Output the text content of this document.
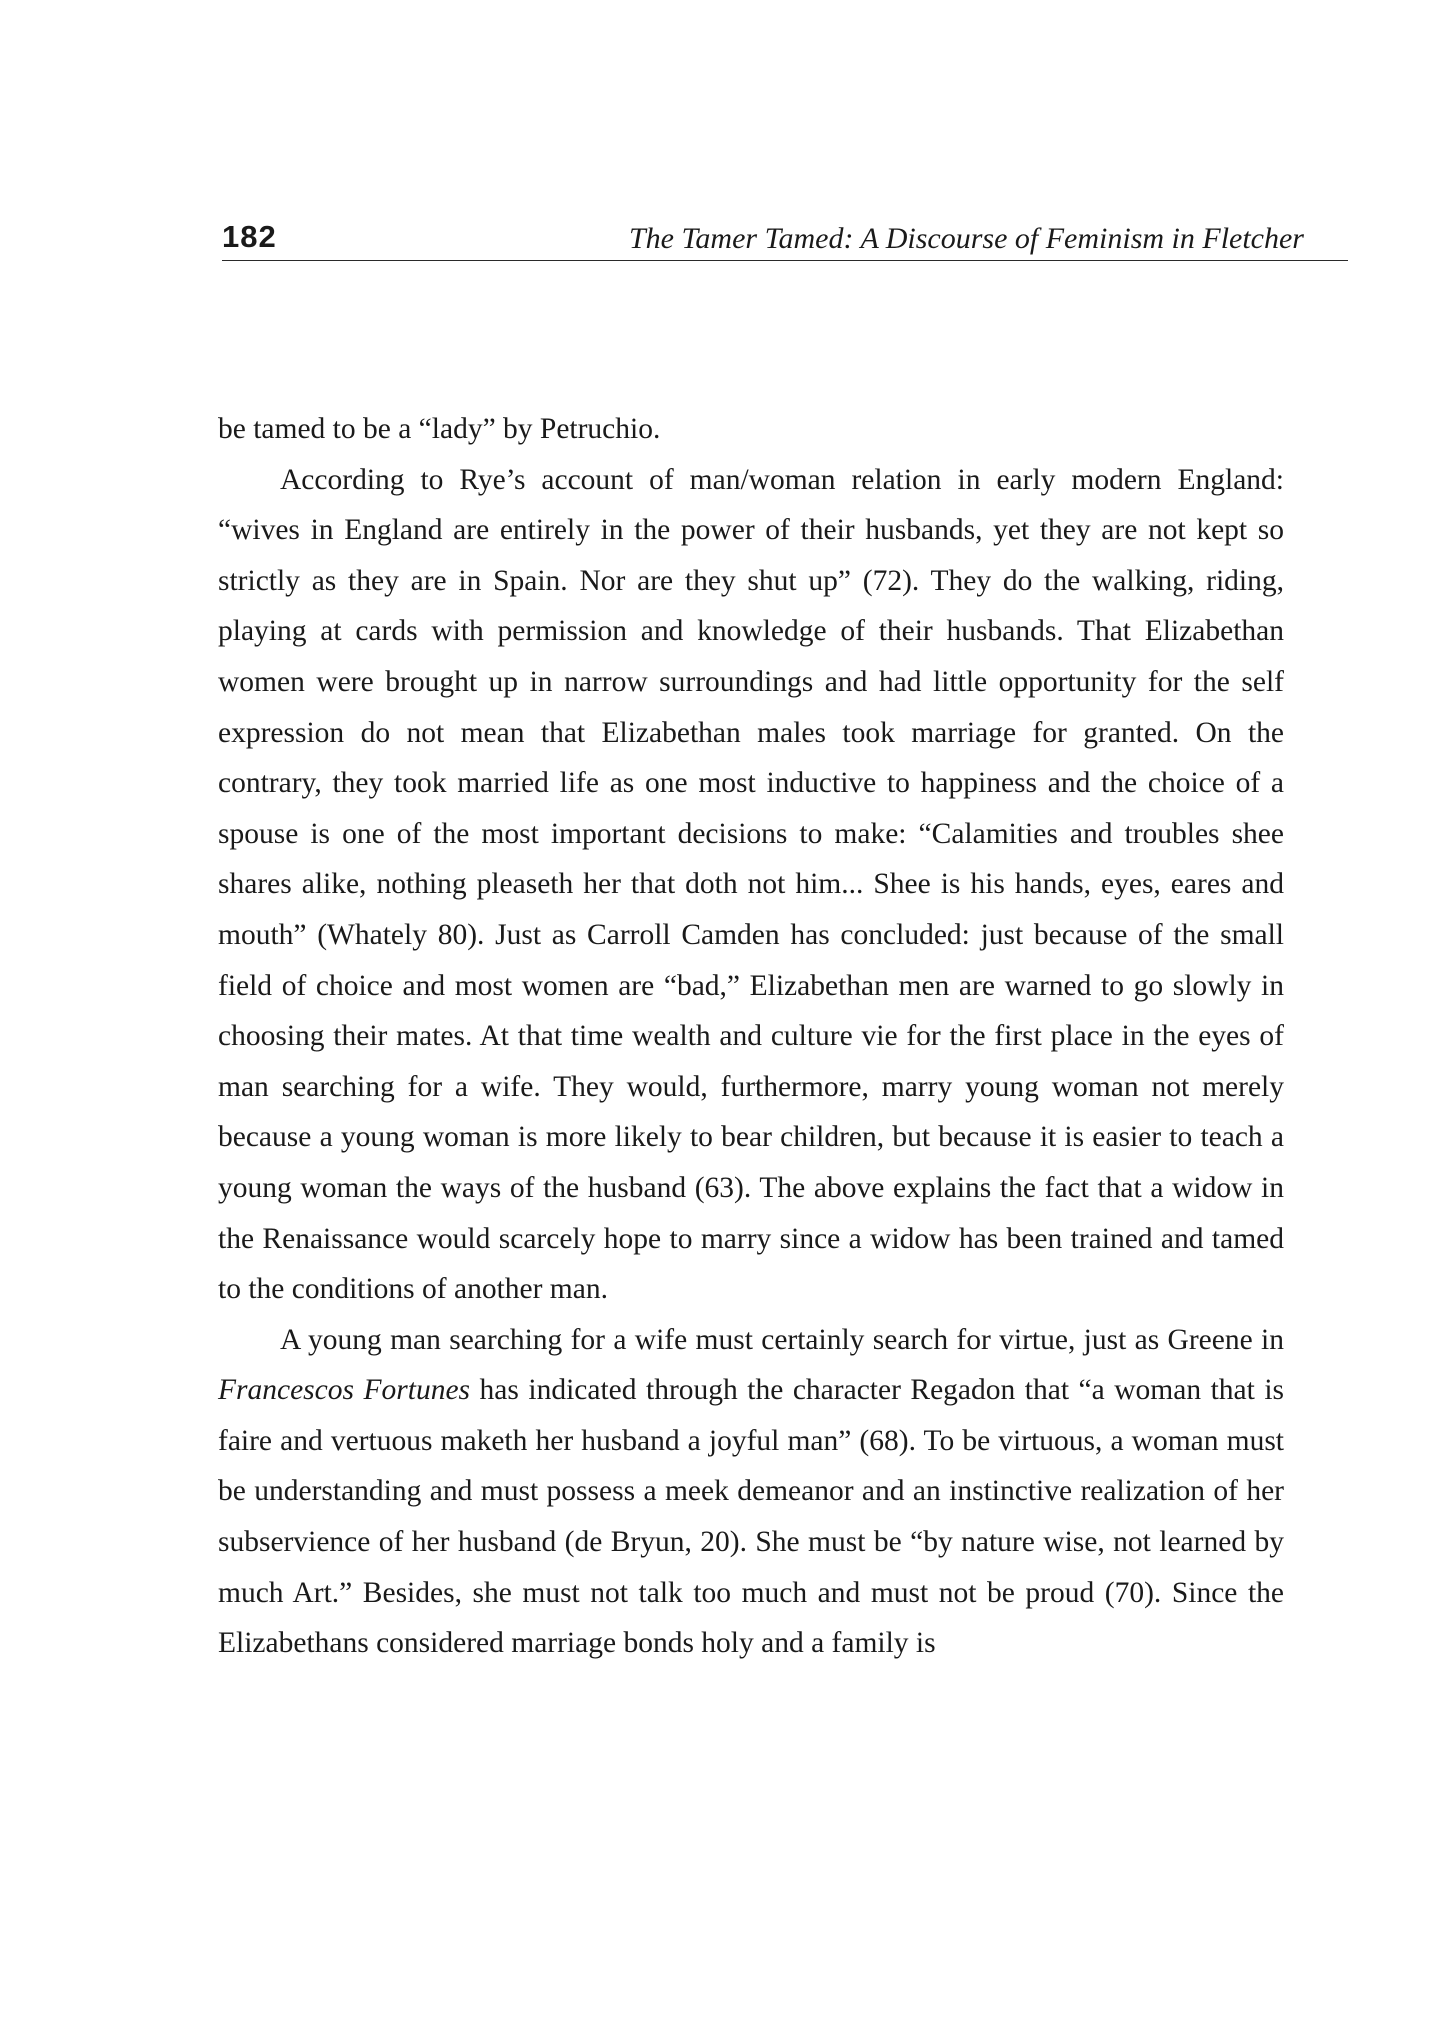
182	The Tamer Tamed: A Discourse of Feminism in Fletcher

be tamed to be a “lady” by Petruchio.

According to Rye’s account of man/woman relation in early modern England: “wives in England are entirely in the power of their husbands, yet they are not kept so strictly as they are in Spain. Nor are they shut up” (72). They do the walking, riding, playing at cards with permission and knowledge of their husbands. That Elizabethan women were brought up in narrow surroundings and had little opportunity for the self expression do not mean that Elizabethan males took marriage for granted. On the contrary, they took married life as one most inductive to happiness and the choice of a spouse is one of the most important decisions to make: “Calamities and troubles shee shares alike, nothing pleaseth her that doth not him... Shee is his hands, eyes, eares and mouth” (Whately 80). Just as Carroll Camden has concluded: just because of the small field of choice and most women are “bad,” Elizabethan men are warned to go slowly in choosing their mates. At that time wealth and culture vie for the first place in the eyes of man searching for a wife. They would, furthermore, marry young woman not merely because a young woman is more likely to bear children, but because it is easier to teach a young woman the ways of the husband (63). The above explains the fact that a widow in the Renaissance would scarcely hope to marry since a widow has been trained and tamed to the conditions of another man.

A young man searching for a wife must certainly search for virtue, just as Greene in Francescos Fortunes has indicated through the character Regadon that “a woman that is faire and vertuous maketh her husband a joyful man” (68). To be virtuous, a woman must be understanding and must possess a meek demeanor and an instinctive realization of her subservience of her husband (de Bryun, 20). She must be “by nature wise, not learned by much Art.” Besides, she must not talk too much and must not be proud (70). Since the Elizabethans considered marriage bonds holy and a family is
